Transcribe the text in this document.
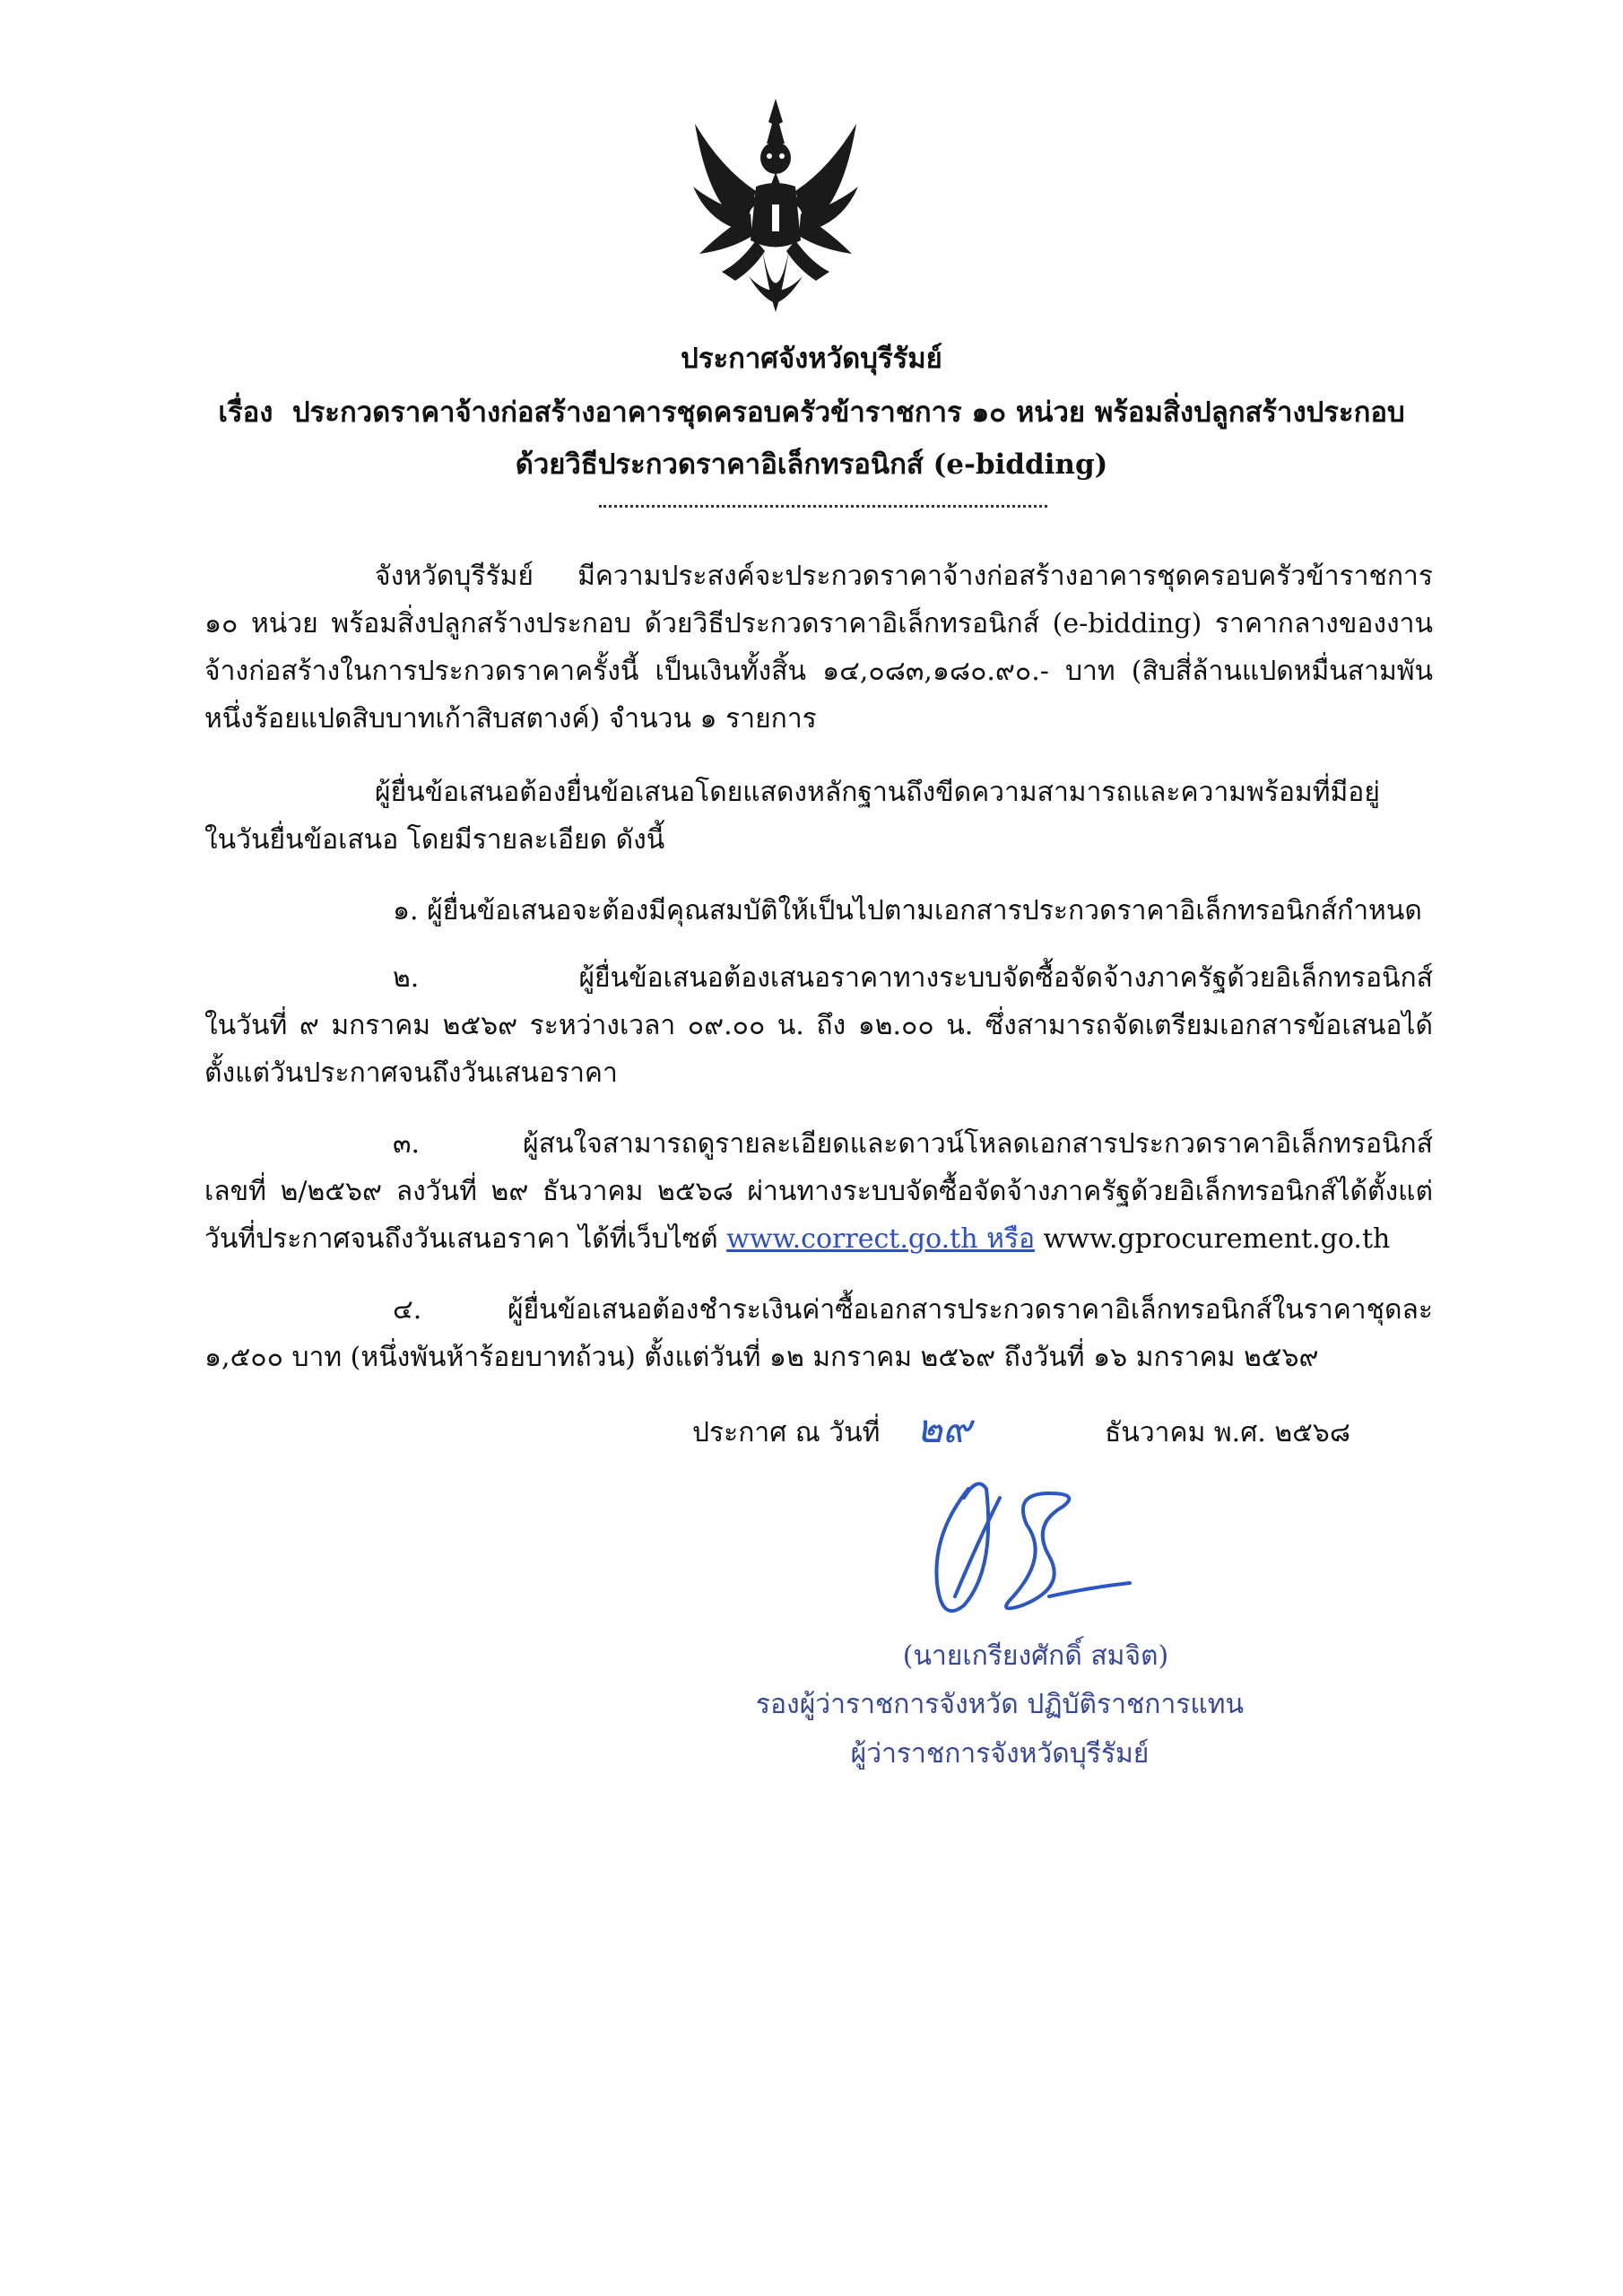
ประกาศจังหวัดบุรีรัมย์
เรื่อง ประกวดราคาจ้างก่อสร้างอาคารชุดครอบครัวข้าราชการ ๑๐ หน่วย พร้อมสิ่งปลูกสร้างประกอบ
ด้วยวิธีประกวดราคาอิเล็กทรอนิกส์ (e-bidding)
จังหวัดบุรีรัมย์ มีความประสงค์จะประกวดราคาจ้างก่อสร้างอาคารชุดครอบครัวข้าราชการ
๑๐ หน่วย พร้อมสิ่งปลูกสร้างประกอบ ด้วยวิธีประกวดราคาอิเล็กทรอนิกส์ (e-bidding) ราคากลางของงาน
จ้างก่อสร้างในการประกวดราคาครั้งนี้ เป็นเงินทั้งสิ้น ๑๔,๐๘๓,๑๘๐.๙๐.- บาท (สิบสี่ล้านแปดหมื่นสามพัน
หนึ่งร้อยแปดสิบบาทเก้าสิบสตางค์) จำนวน ๑ รายการ
ผู้ยื่นข้อเสนอต้องยื่นข้อเสนอโดยแสดงหลักฐานถึงขีดความสามารถและความพร้อมที่มีอยู่
ในวันยื่นข้อเสนอ โดยมีรายละเอียด ดังนี้
๑. ผู้ยื่นข้อเสนอจะต้องมีคุณสมบัติให้เป็นไปตามเอกสารประกวดราคาอิเล็กทรอนิกส์กำหนด
๒. ผู้ยื่นข้อเสนอต้องเสนอราคาทางระบบจัดซื้อจัดจ้างภาครัฐด้วยอิเล็กทรอนิกส์
ในวันที่ ๙ มกราคม ๒๕๖๙ ระหว่างเวลา ๐๙.๐๐ น. ถึง ๑๒.๐๐ น. ซึ่งสามารถจัดเตรียมเอกสารข้อเสนอได้
ตั้งแต่วันประกาศจนถึงวันเสนอราคา
๓. ผู้สนใจสามารถดูรายละเอียดและดาวน์โหลดเอกสารประกวดราคาอิเล็กทรอนิกส์
เลขที่ ๒/๒๕๖๙ ลงวันที่ ๒๙ ธันวาคม ๒๕๖๘ ผ่านทางระบบจัดซื้อจัดจ้างภาครัฐด้วยอิเล็กทรอนิกส์ได้ตั้งแต่
วันที่ประกาศจนถึงวันเสนอราคา ได้ที่เว็บไซต์ www.correct.go.th หรือ www.gprocurement.go.th
๔. ผู้ยื่นข้อเสนอต้องชำระเงินค่าซื้อเอกสารประกวดราคาอิเล็กทรอนิกส์ในราคาชุดละ
๑,๕๐๐ บาท (หนึ่งพันห้าร้อยบาทถ้วน) ตั้งแต่วันที่ ๑๒ มกราคม ๒๕๖๙ ถึงวันที่ ๑๖ มกราคม ๒๕๖๙
ประกาศ ณ วันที่ ๒๙	ธันวาคม พ.ศ. ๒๕๖๘
(นายเกรียงศักดิ์ สมจิต)
รองผู้ว่าราชการจังหวัด ปฏิบัติราชการแทน
ผู้ว่าราชการจังหวัดบุรีรัมย์
